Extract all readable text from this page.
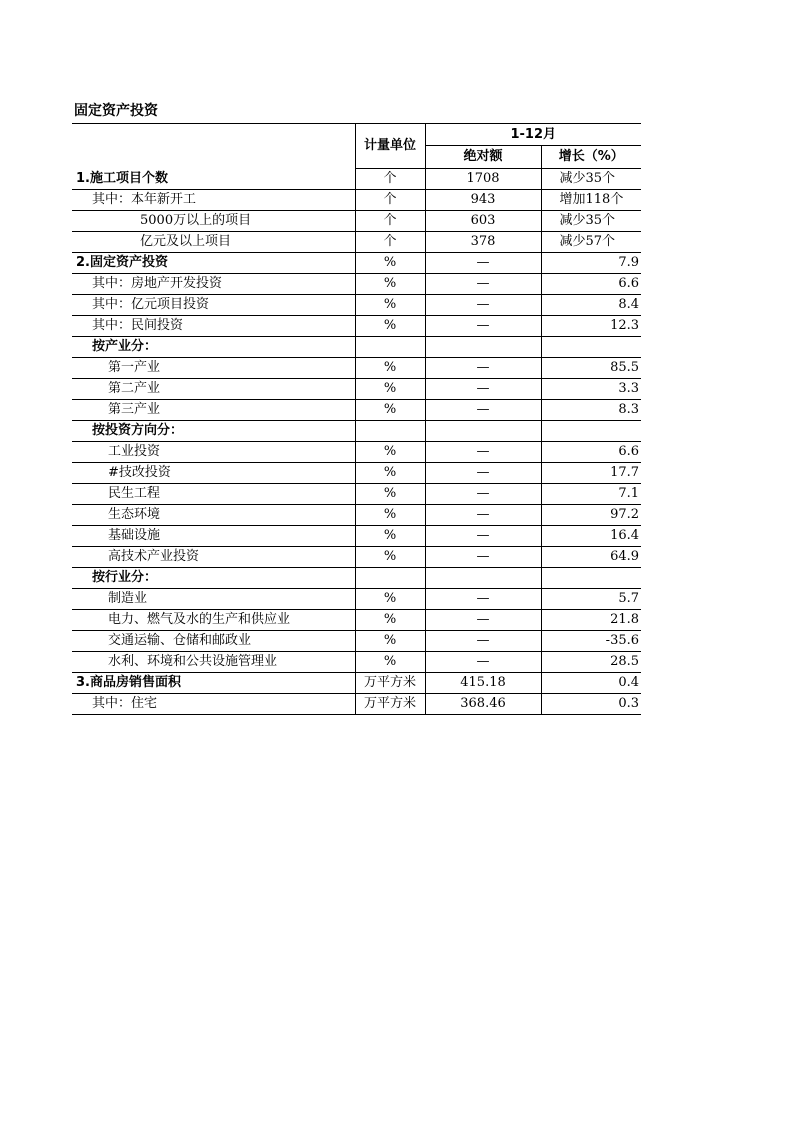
固定资产投资
	计量单位	1-12月	
		绝对额	增长（%）
1.施工项目个数	个	1708	减少35个
其中：本年新开工	个	943	增加118个
5000万以上的项目	个	603	减少35个
亿元及以上项目	个	378	减少57个
2.固定资产投资	%	—	7.9
其中：房地产开发投资	%	—	6.6
其中：亿元项目投资	%	—	8.4
其中：民间投资	%	—	12.3
按产业分：			
第一产业	%	—	85.5
第二产业	%	—	3.3
第三产业	%	—	8.3
按投资方向分：			
工业投资	%	—	6.6
#技改投资	%	—	17.7
民生工程	%	—	7.1
生态环境	%	—	97.2
基础设施	%	—	16.4
高技术产业投资	%	—	64.9
按行业分：			
制造业	%	—	5.7
电力、燃气及水的生产和供应业	%	—	21.8
交通运输、仓储和邮政业	%	—	-35.6
水利、环境和公共设施管理业	%	—	28.5
3.商品房销售面积	万平方米	415.18	0.4
其中：住宅	万平方米	368.46	0.3
